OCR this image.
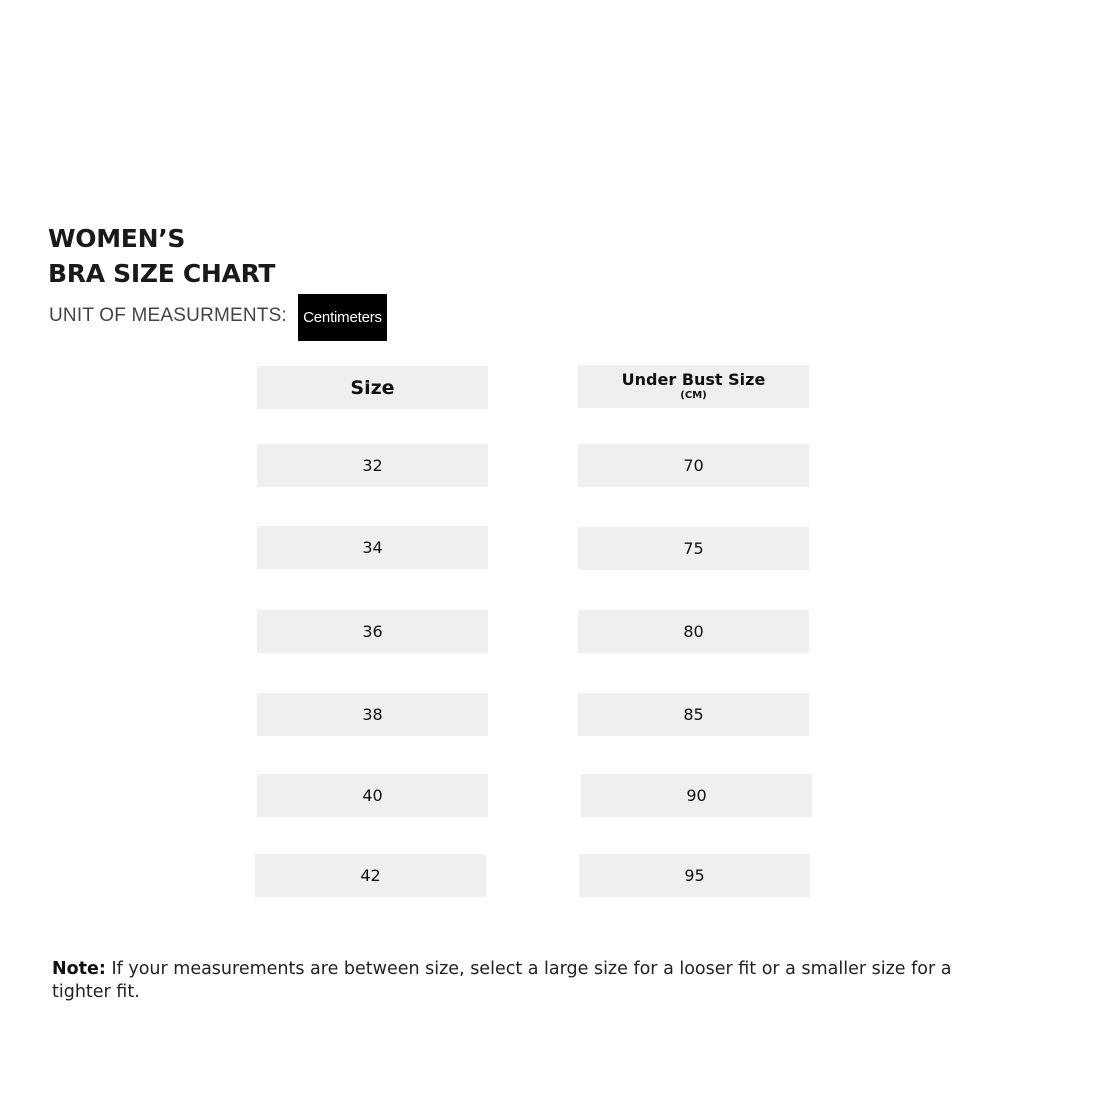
WOMEN’S
BRA SIZE CHART
UNIT OF MEASURMENTS:	Centimeters
Size	Under Bust Size
(CM)
32	70
34	75
36	80
38	85
40	90
42	95

Note: If your measurements are between size, select a large size for a looser fit or a smaller size for a tighter fit.
